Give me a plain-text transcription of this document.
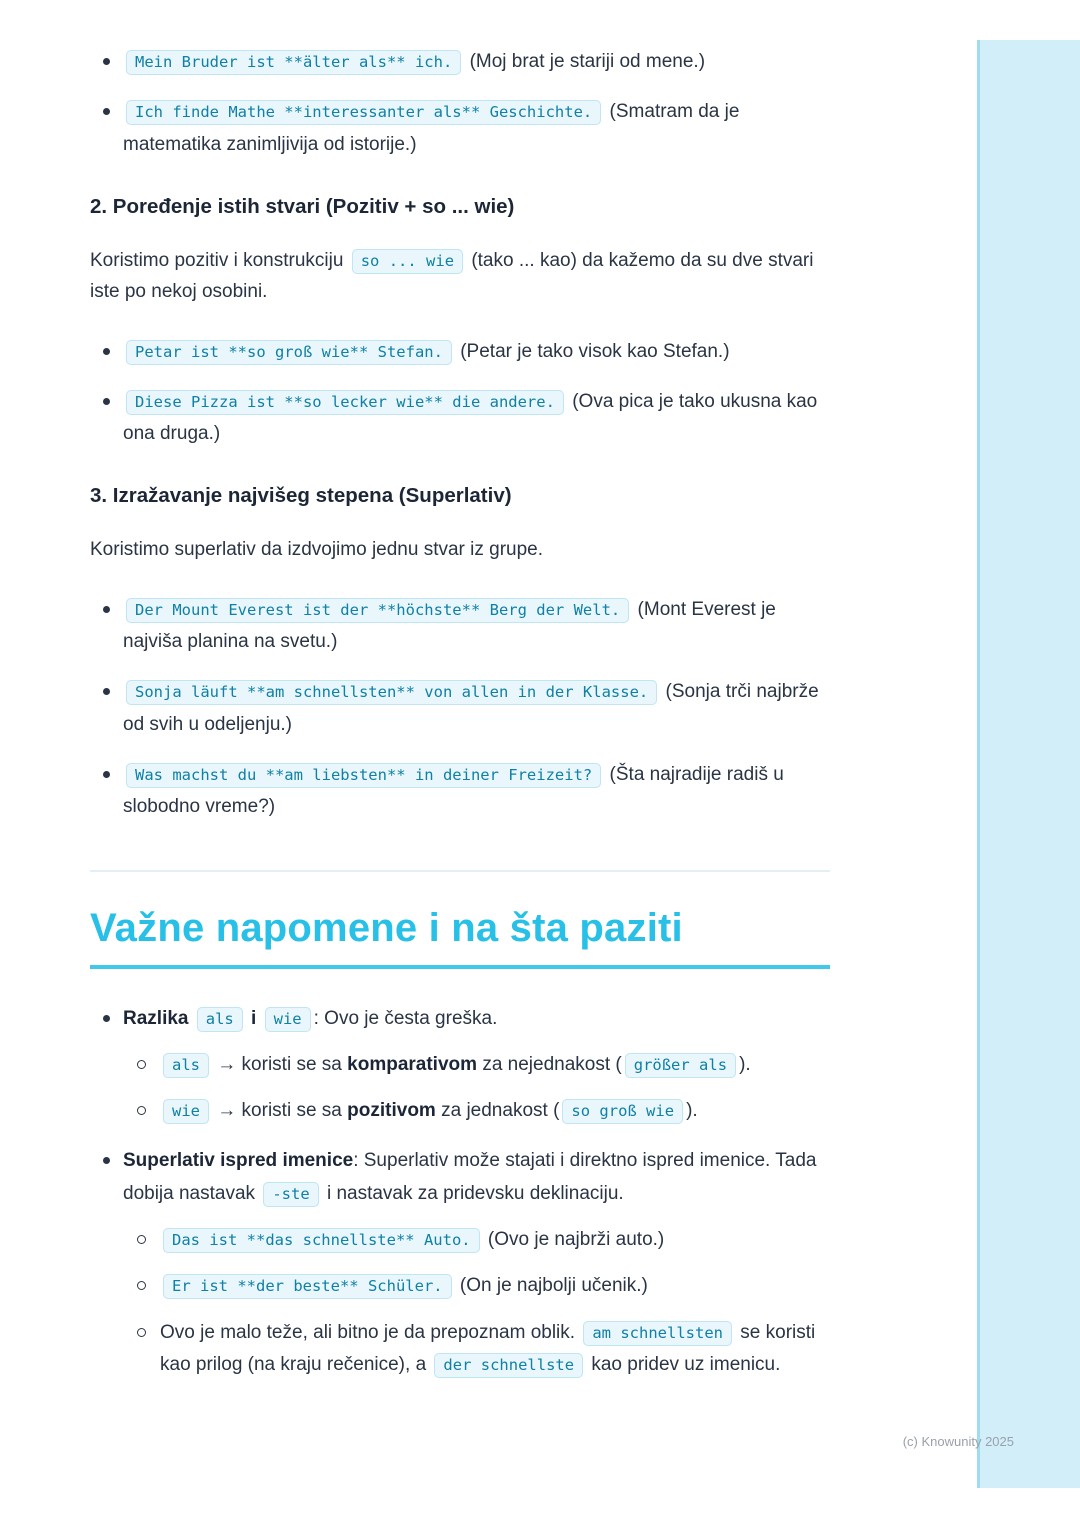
Mein Bruder ist **älter als** ich. (Moj brat je stariji od mene.)
Ich finde Mathe **interessanter als** Geschichte. (Smatram da je matematika zanimljivija od istorije.)
2. Poređenje istih stvari (Pozitiv + so ... wie)

Koristimo pozitiv i konstrukciju so ... wie (tako ... kao) da kažemo da su dve stvari iste po nekoj osobini.

Petar ist **so groß wie** Stefan. (Petar je tako visok kao Stefan.)
Diese Pizza ist **so lecker wie** die andere. (Ova pica je tako ukusna kao ona druga.)
3. Izražavanje najvišeg stepena (Superlativ)

Koristimo superlativ da izdvojimo jednu stvar iz grupe.

Der Mount Everest ist der **höchste** Berg der Welt. (Mont Everest je najviša planina na svetu.)
Sonja läuft **am schnellsten** von allen in der Klasse. (Sonja trči najbrže od svih u odeljenju.)
Was machst du **am liebsten** in deiner Freizeit? (Šta najradije radiš u slobodno vreme?)
Važne napomene i na šta paziti
Razlika als i wie : Ovo je česta greška.
als → koristi se sa komparativom za nejednakost ( größer als ).
wie → koristi se sa pozitivom za jednakost ( so groß wie ).
Superlativ ispred imenice: Superlativ može stajati i direktno ispred imenice. Tada dobija nastavak -ste i nastavak za pridevsku deklinaciju.
Das ist **das schnellste** Auto. (Ovo je najbrži auto.)
Er ist **der beste** Schüler. (On je najbolji učenik.)
Ovo je malo teže, ali bitno je da prepoznam oblik. am schnellsten se koristi kao prilog (na kraju rečenice), a der schnellste kao pridev uz imenicu.
(c) Knowunity 2025
